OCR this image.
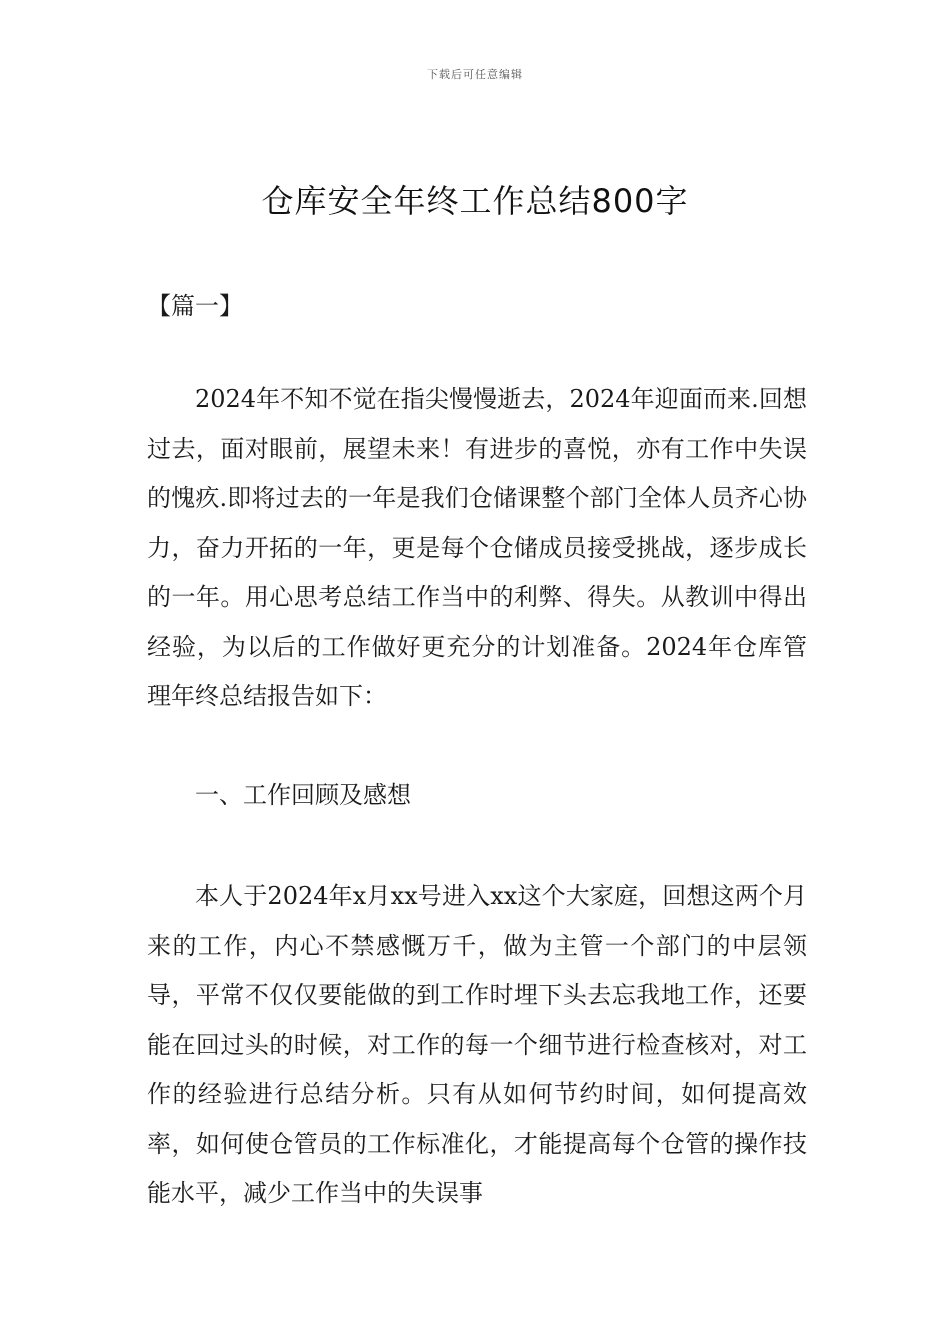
下载后可任意编辑
仓库安全年终工作总结800字

【篇一】

2024年不知不觉在指尖慢慢逝去，2024年迎面而来.回想过去，面对眼前，展望未来！有进步的喜悦，亦有工作中失误的愧疚.即将过去的一年是我们仓储课整个部门全体人员齐心协力，奋力开拓的一年，更是每个仓储成员接受挑战，逐步成长的一年。用心思考总结工作当中的利弊、得失。从教训中得出经验，为以后的工作做好更充分的计划准备。2024年仓库管理年终总结报告如下：

一、工作回顾及感想

本人于2024年x月xx号进入xx这个大家庭，回想这两个月来的工作，内心不禁感慨万千，做为主管一个部门的中层领导，平常不仅仅要能做的到工作时埋下头去忘我地工作，还要能在回过头的时候，对工作的每一个细节进行检查核对，对工作的经验进行总结分析。只有从如何节约时间，如何提高效率，如何使仓管员的工作标准化，才能提高每个仓管的操作技能水平，减少工作当中的失误事
